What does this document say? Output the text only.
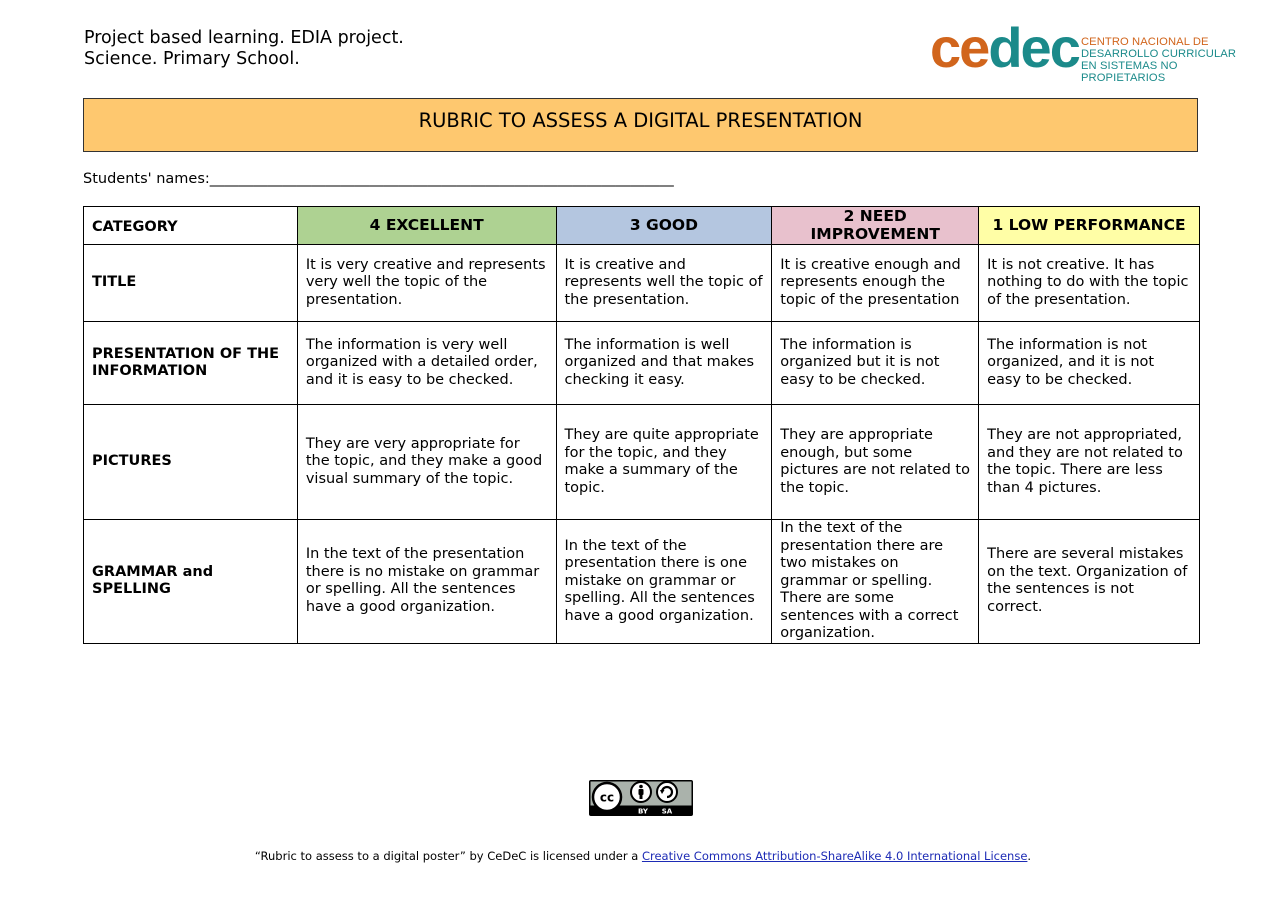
Project based learning. EDIA project.
Science. Primary School.	cedec CENTRO NACIONAL DE
DESARROLLO CURRICULAR
EN SISTEMAS NO PROPIETARIOS
RUBRIC TO ASSESS A DIGITAL PRESENTATION
Students' names:________________________________________________________________
CATEGORY	4 EXCELLENT	3 GOOD	2 NEED IMPROVEMENT	1 LOW PERFORMANCE
TITLE	It is very creative and represents very well the topic of the presentation.	It is creative and represents well the topic of the presentation.	It is creative enough and represents enough the topic of the presentation	It is not creative. It has nothing to do with the topic of the presentation.
PRESENTATION OF THE INFORMATION	The information is very well organized with a detailed order, and it is easy to be checked.	The information is well organized and that makes checking it easy.	The information is organized but it is not easy to be checked.	The information is not organized, and it is not easy to be checked.
PICTURES	They are very appropriate for the topic, and they make a good visual summary of the topic.	They are quite appropriate for the topic, and they make a summary of the topic.	They are appropriate enough, but some pictures are not related to the topic.	They are not appropriated, and they are not related to the topic. There are less than 4 pictures.
GRAMMAR and SPELLING	In the text of the presentation there is no mistake on grammar or spelling. All the sentences have a good organization.	In the text of the presentation there is one mistake on grammar or spelling. All the sentences have a good organization.	In the text of the presentation there are two mistakes on grammar or spelling. There are some sentences with a correct organization.	There are several mistakes on the text. Organization of the sentences is not correct.
cc
BY SA
“Rubric to assess to a digital poster” by CeDeC is licensed under a Creative Commons Attribution-ShareAlike 4.0 International License.
